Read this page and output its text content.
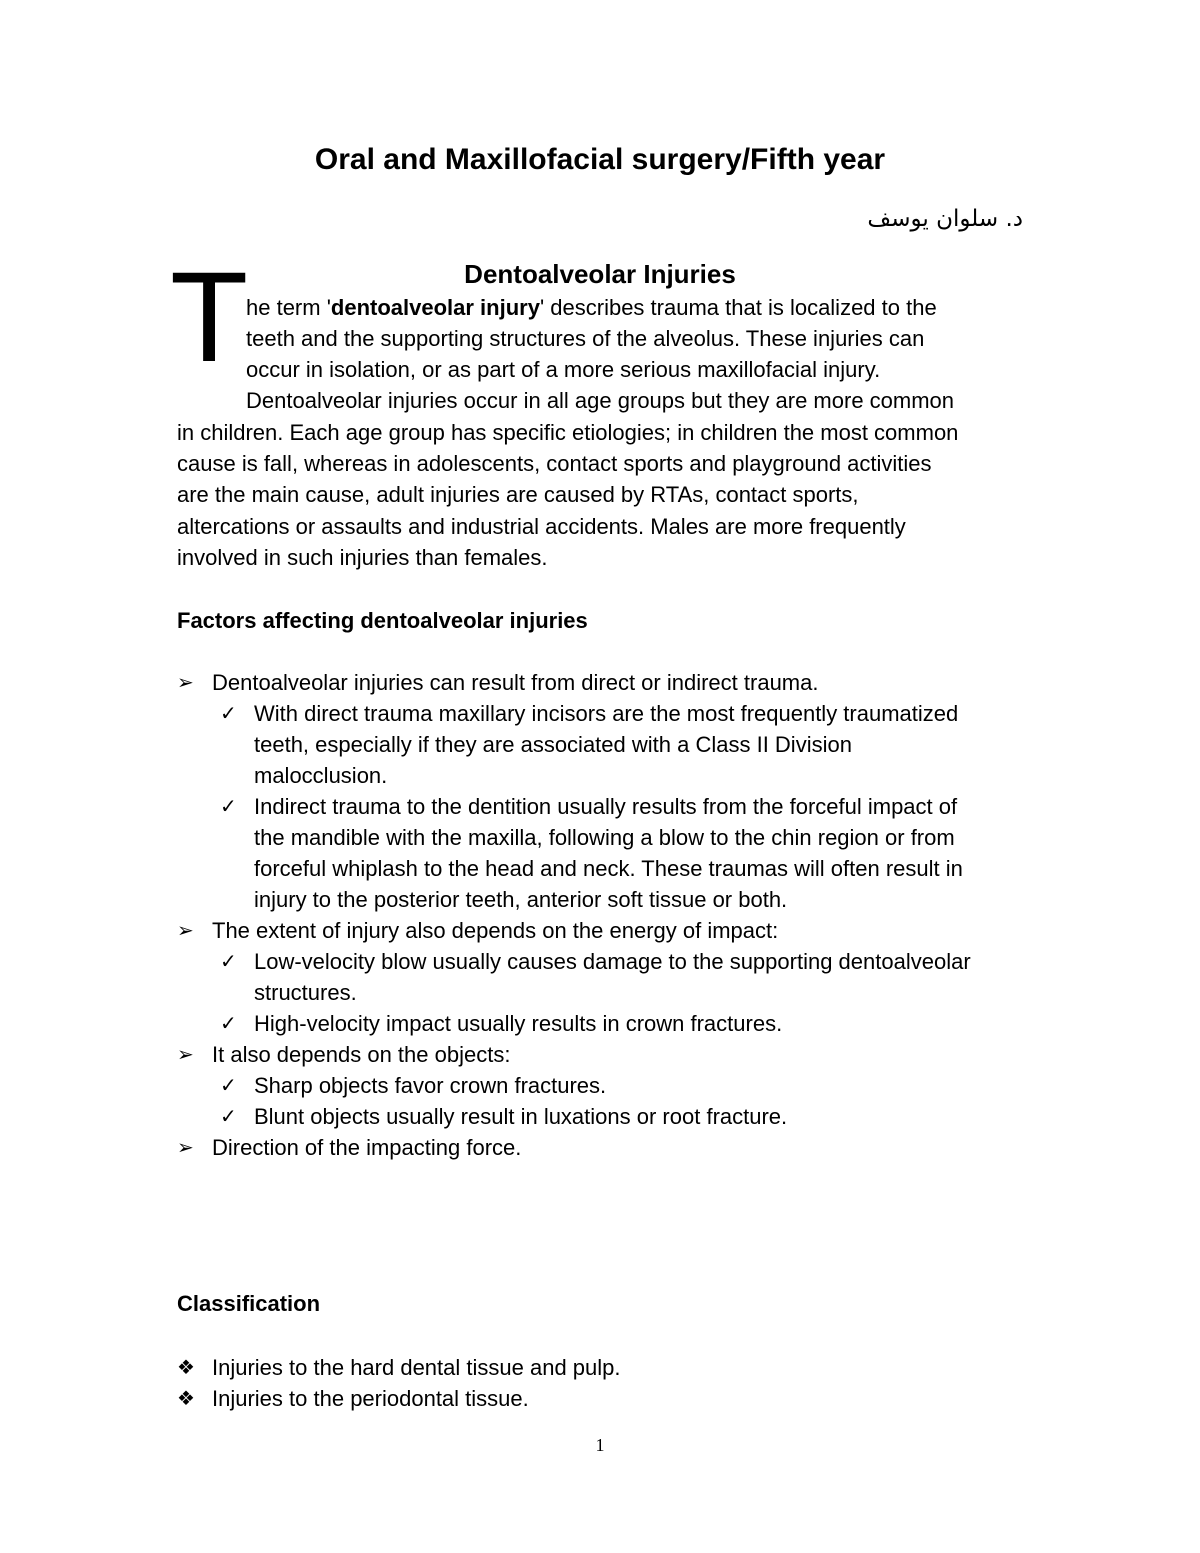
Oral and Maxillofacial surgery/Fifth year
د. سلوان يوسف
Dentoalveolar Injuries
T
he term 'dentoalveolar injury' describes trauma that is localized to the
teeth and the supporting structures of the alveolus. These injuries can
occur in isolation, or as part of a more serious maxillofacial injury.
Dentoalveolar injuries occur in all age groups but they are more common
in children. Each age group has specific etiologies; in children the most common
cause is fall, whereas in adolescents, contact sports and playground activities
are the main cause, adult injuries are caused by RTAs, contact sports,
altercations or assaults and industrial accidents. Males are more frequently
involved in such injuries than females.
Factors affecting dentoalveolar injuries
➢ Dentoalveolar injuries can result from direct or indirect trauma.
✓ With direct trauma maxillary incisors are the most frequently traumatized
teeth, especially if they are associated with a Class II Division
malocclusion.
✓ Indirect trauma to the dentition usually results from the forceful impact of
the mandible with the maxilla, following a blow to the chin region or from
forceful whiplash to the head and neck. These traumas will often result in
injury to the posterior teeth, anterior soft tissue or both.
➢ The extent of injury also depends on the energy of impact:
✓ Low-velocity blow usually causes damage to the supporting dentoalveolar
structures.
✓ High-velocity impact usually results in crown fractures.
➢ It also depends on the objects:
✓ Sharp objects favor crown fractures.
✓ Blunt objects usually result in luxations or root fracture.
➢ Direction of the impacting force.
Classification
❖ Injuries to the hard dental tissue and pulp.
❖ Injuries to the periodontal tissue.
1
